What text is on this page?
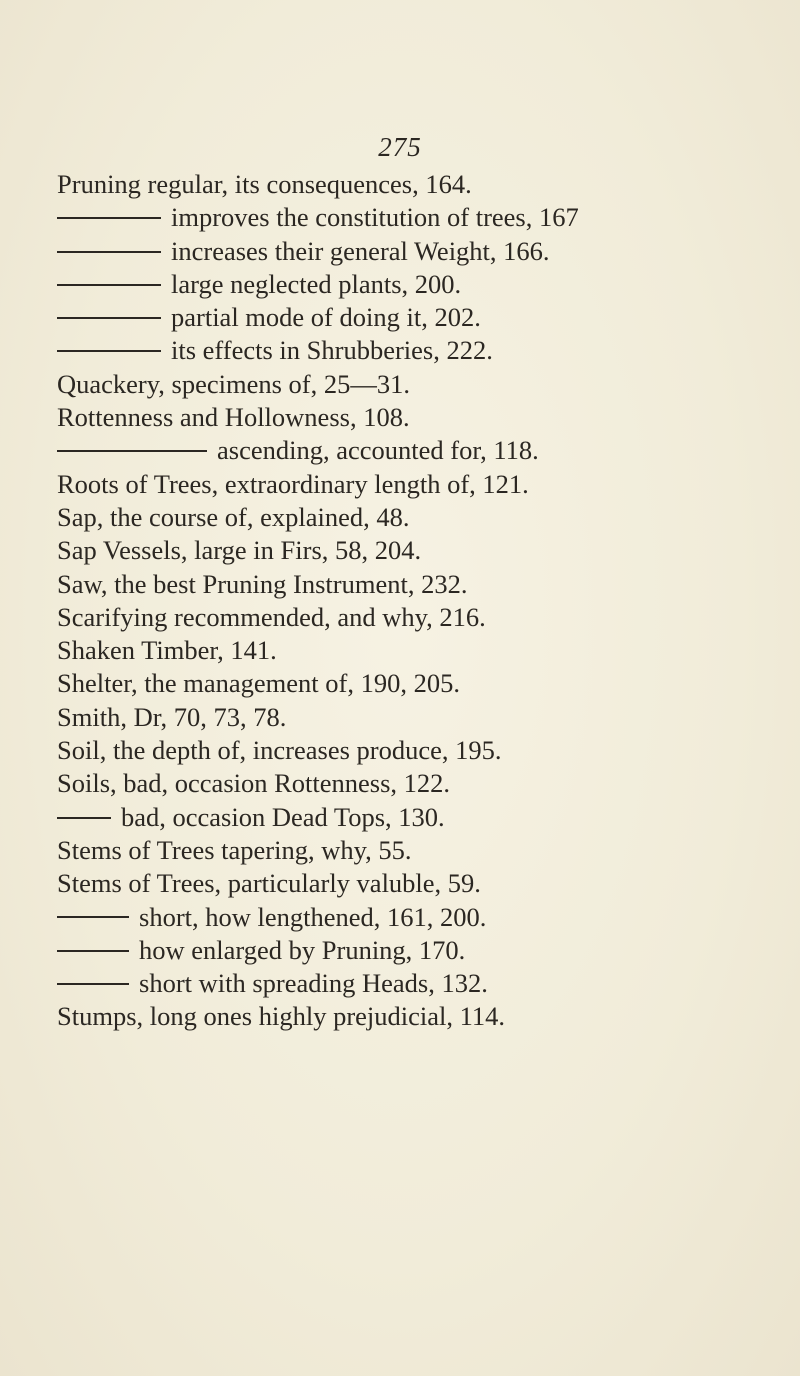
275
Pruning regular, its consequences, 164.
improves the constitution of trees, 167
increases their general Weight, 166.
large neglected plants, 200.
partial mode of doing it, 202.
its effects in Shrubberies, 222.
Quackery, specimens of, 25—31.
Rottenness and Hollowness, 108.
ascending, accounted for, 118.
Roots of Trees, extraordinary length of, 121.
Sap, the course of, explained, 48.
Sap Vessels, large in Firs, 58, 204.
Saw, the best Pruning Instrument, 232.
Scarifying recommended, and why, 216.
Shaken Timber, 141.
Shelter, the management of, 190, 205.
Smith, Dr, 70, 73, 78.
Soil, the depth of, increases produce, 195.
Soils, bad, occasion Rottenness, 122.
bad, occasion Dead Tops, 130.
Stems of Trees tapering, why, 55.
Stems of Trees, particularly valuble, 59.
short, how lengthened, 161, 200.
how enlarged by Pruning, 170.
short with spreading Heads, 132.
Stumps, long ones highly prejudicial, 114.
